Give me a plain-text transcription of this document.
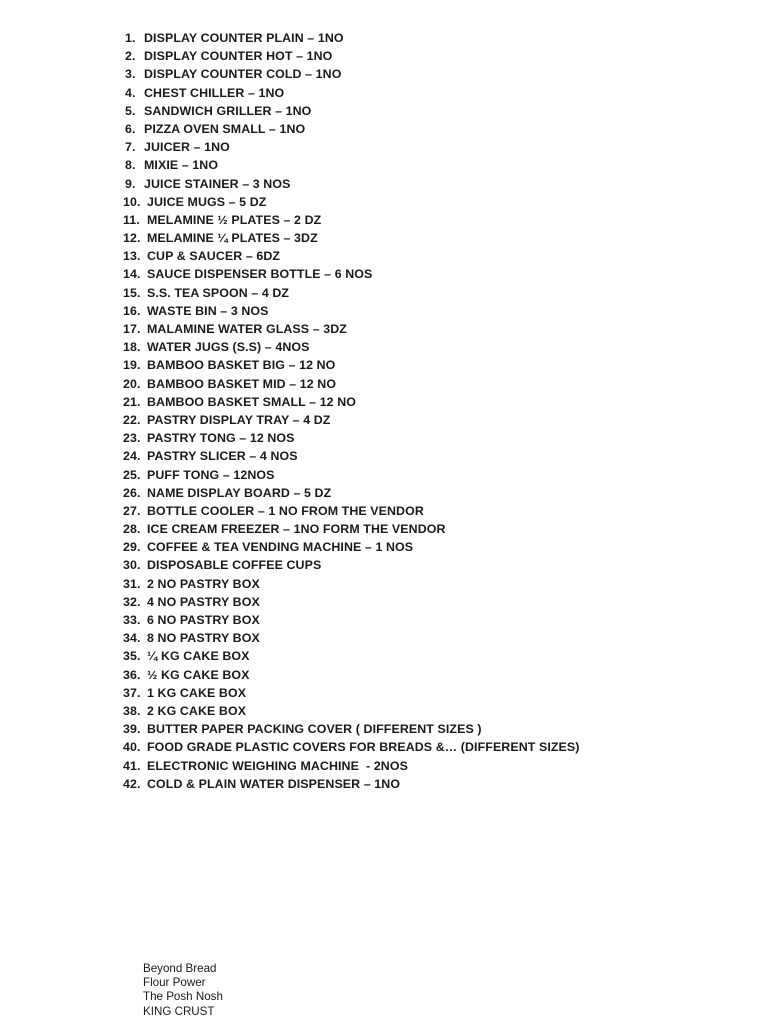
1. DISPLAY COUNTER PLAIN – 1NO
2. DISPLAY COUNTER HOT – 1NO
3. DISPLAY COUNTER COLD – 1NO
4. CHEST CHILLER – 1NO
5. SANDWICH GRILLER – 1NO
6. PIZZA OVEN SMALL – 1NO
7. JUICER – 1NO
8. MIXIE – 1NO
9. JUICE STAINER – 3 NOS
10. JUICE MUGS – 5 DZ
11. MELAMINE ½ PLATES – 2 DZ
12. MELAMINE ¼ PLATES – 3DZ
13. CUP & SAUCER – 6DZ
14. SAUCE DISPENSER BOTTLE – 6 NOS
15. S.S. TEA SPOON – 4 DZ
16. WASTE BIN – 3 NOS
17. MALAMINE WATER GLASS – 3DZ
18. WATER JUGS (S.S) – 4NOS
19. BAMBOO BASKET BIG – 12 NO
20. BAMBOO BASKET MID – 12 NO
21. BAMBOO BASKET SMALL – 12 NO
22. PASTRY DISPLAY TRAY – 4 DZ
23. PASTRY TONG – 12 NOS
24. PASTRY SLICER – 4 NOS
25. PUFF TONG – 12NOS
26. NAME DISPLAY BOARD – 5 DZ
27. BOTTLE COOLER – 1 NO FROM THE VENDOR
28. ICE CREAM FREEZER – 1NO FORM THE VENDOR
29. COFFEE & TEA VENDING MACHINE – 1 NOS
30. DISPOSABLE COFFEE CUPS
31. 2 NO PASTRY BOX
32. 4 NO PASTRY BOX
33. 6 NO PASTRY BOX
34. 8 NO PASTRY BOX
35. ¼ KG CAKE BOX
36. ½ KG CAKE BOX
37. 1 KG CAKE BOX
38. 2 KG CAKE BOX
39. BUTTER PAPER PACKING COVER ( DIFFERENT SIZES )
40. FOOD GRADE PLASTIC COVERS FOR BREADS &… (DIFFERENT SIZES)
41. ELECTRONIC WEIGHING MACHINE  - 2NOS
42. COLD & PLAIN WATER DISPENSER – 1NO
Beyond Bread
Flour Power
The Posh Nosh
KING CRUST
